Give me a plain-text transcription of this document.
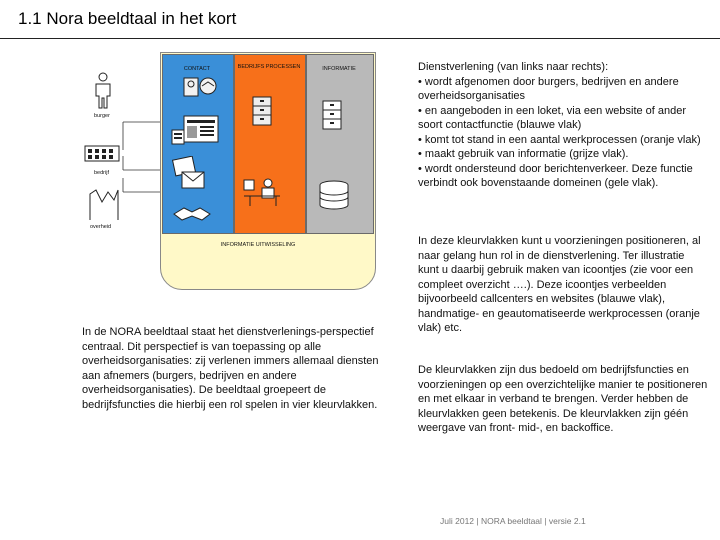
1.1 Nora beeldtaal in het kort
CONTACT	BEDRIJFS PROCESSEN	INFORMATIE
INFORMATIE UITWISSELING
burger
bedrijf
overheid

In de NORA beeldtaal staat het dienstverlenings-perspectief centraal. Dit perspectief is van toepassing op alle overheidsorganisaties: zij verlenen immers allemaal diensten aan afnemers (burgers, bedrijven en andere overheidsorganisaties). De beeldtaal groepeert de bedrijfsfuncties die hierbij een rol spelen in vier kleurvlakken.

Dienstverlening (van links naar rechts):
• wordt afgenomen door burgers, bedrijven en andere overheidsorganisaties
• en aangeboden in een loket, via een website of ander soort contactfunctie (blauwe vlak)
• komt tot stand in een aantal werkprocessen (oranje vlak)
• maakt gebruik van informatie (grijze vlak).
• wordt ondersteund door berichtenverkeer. Deze functie verbindt ook bovenstaande domeinen (gele vlak).

In deze kleurvlakken kunt u voorzieningen positioneren, al naar gelang hun rol in de dienstverlening. Ter illustratie kunt u daarbij gebruik maken van icoontjes (zie voor een compleet overzicht ….). Deze icoontjes verbeelden bijvoorbeeld callcenters en websites (blauwe vlak), handmatige- en geautomatiseerde werkprocessen (oranje vlak) etc.

De kleurvlakken zijn dus bedoeld om bedrijfsfuncties en voorzieningen op een overzichtelijke manier te positioneren en met elkaar in verband te brengen. Verder hebben de kleurvlakken geen betekenis. De kleurvlakken zijn géén weergave van front- mid-, en backoffice.

Juli 2012 | NORA beeldtaal | versie 2.1
